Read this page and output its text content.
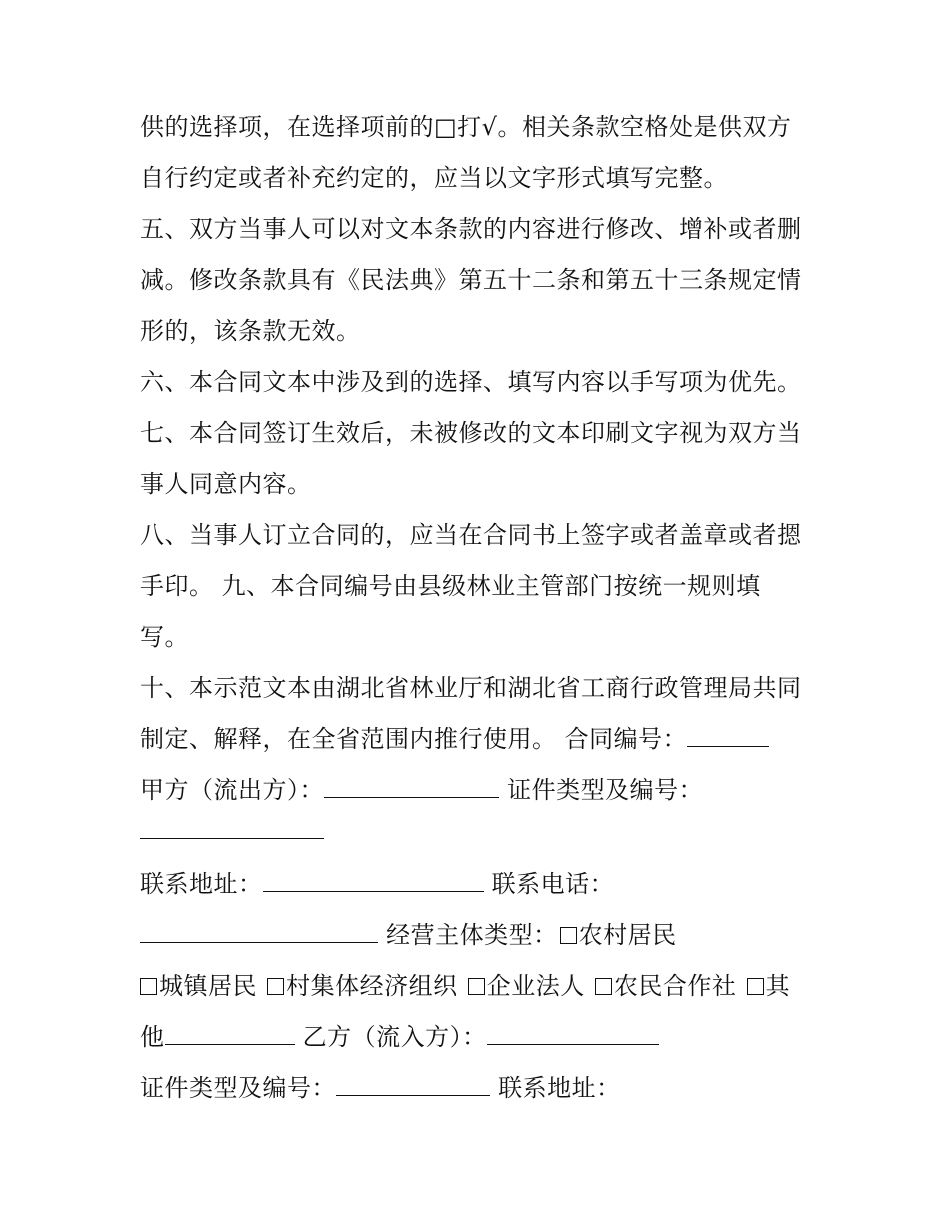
供的选择项，在选择项前的□打√。相关条款空格处是供双方
自行约定或者补充约定的，应当以文字形式填写完整。
五、双方当事人可以对文本条款的内容进行修改、增补或者删
减。修改条款具有《民法典》第五十二条和第五十三条规定情
形的，该条款无效。
六、本合同文本中涉及到的选择、填写内容以手写项为优先。
七、本合同签订生效后，未被修改的文本印刷文字视为双方当
事人同意内容。
八、当事人订立合同的，应当在合同书上签字或者盖章或者摁
手印。 九、本合同编号由县级林业主管部门按统一规则填
写。
十、本示范文本由湖北省林业厅和湖北省工商行政管理局共同
制定、解释，在全省范围内推行使用。 合同编号：
甲方（流出方）：	证件类型及编号：
联系地址：	联系电话：
经营主体类型： 农村居民
城镇居民 村集体经济组织 企业法人 农民合作社 其
他	乙方（流入方）：
证件类型及编号：	联系地址：
